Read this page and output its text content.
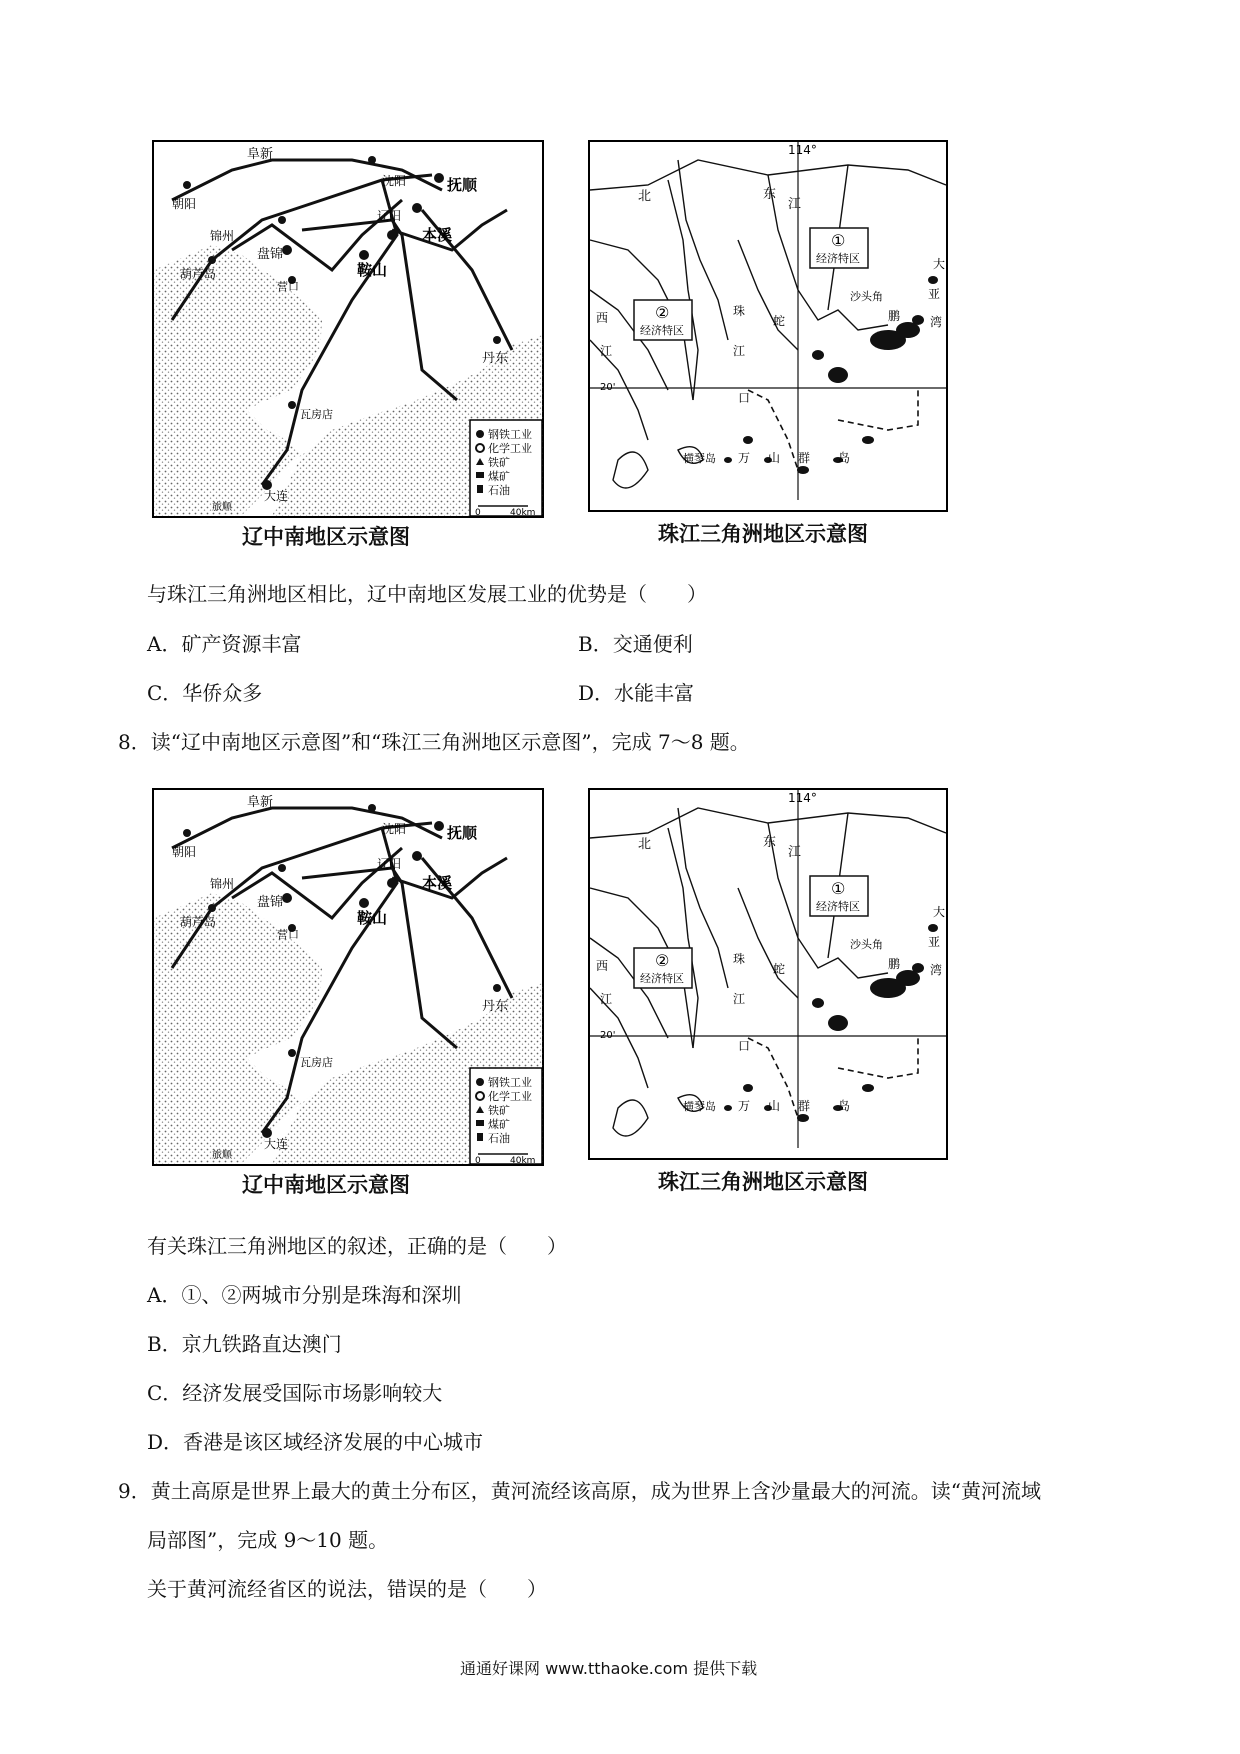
阜新
沈阳	抚顺
朝阳
锦州
辽阳
本溪
葫芦岛
盘锦
鞍山
营口
丹东
瓦房店
大连
旅顺
钢铁工业
化学工业
铁矿
煤矿
石油
0	40km
辽中南地区示意图
114°
北	东
江
①
经济特区
沙头角
大
亚
湾
鹏
②
经济特区
西
江
珠
蛇
江
口
20'
横琴岛 万 山 群 岛
珠江三角洲地区示意图
与珠江三角洲地区相比，辽中南地区发展工业的优势是（　　）
A．矿产资源丰富	B．交通便利
C．华侨众多	D．水能丰富
8．读“辽中南地区示意图”和“珠江三角洲地区示意图”，完成 7～8 题。
阜新
沈阳	抚顺
朝阳
锦州
辽阳
本溪
葫芦岛
盘锦
鞍山
营口
丹东
瓦房店
大连
旅顺
钢铁工业
化学工业
铁矿
煤矿
石油
0	40km
辽中南地区示意图
114°
北	东
江
①
经济特区
沙头角
大
亚
湾
鹏
②
经济特区
西
江
珠
蛇
江
口
20'
横琴岛 万 山 群 岛
珠江三角洲地区示意图
有关珠江三角洲地区的叙述，正确的是（　　）
A．①、②两城市分别是珠海和深圳
B．京九铁路直达澳门
C．经济发展受国际市场影响较大
D．香港是该区域经济发展的中心城市
9．黄土高原是世界上最大的黄土分布区，黄河流经该高原，成为世界上含沙量最大的河流。读“黄河流域
局部图”，完成 9～10 题。
关于黄河流经省区的说法，错误的是（　　）
通通好课网 www.tthaoke.com 提供下载
